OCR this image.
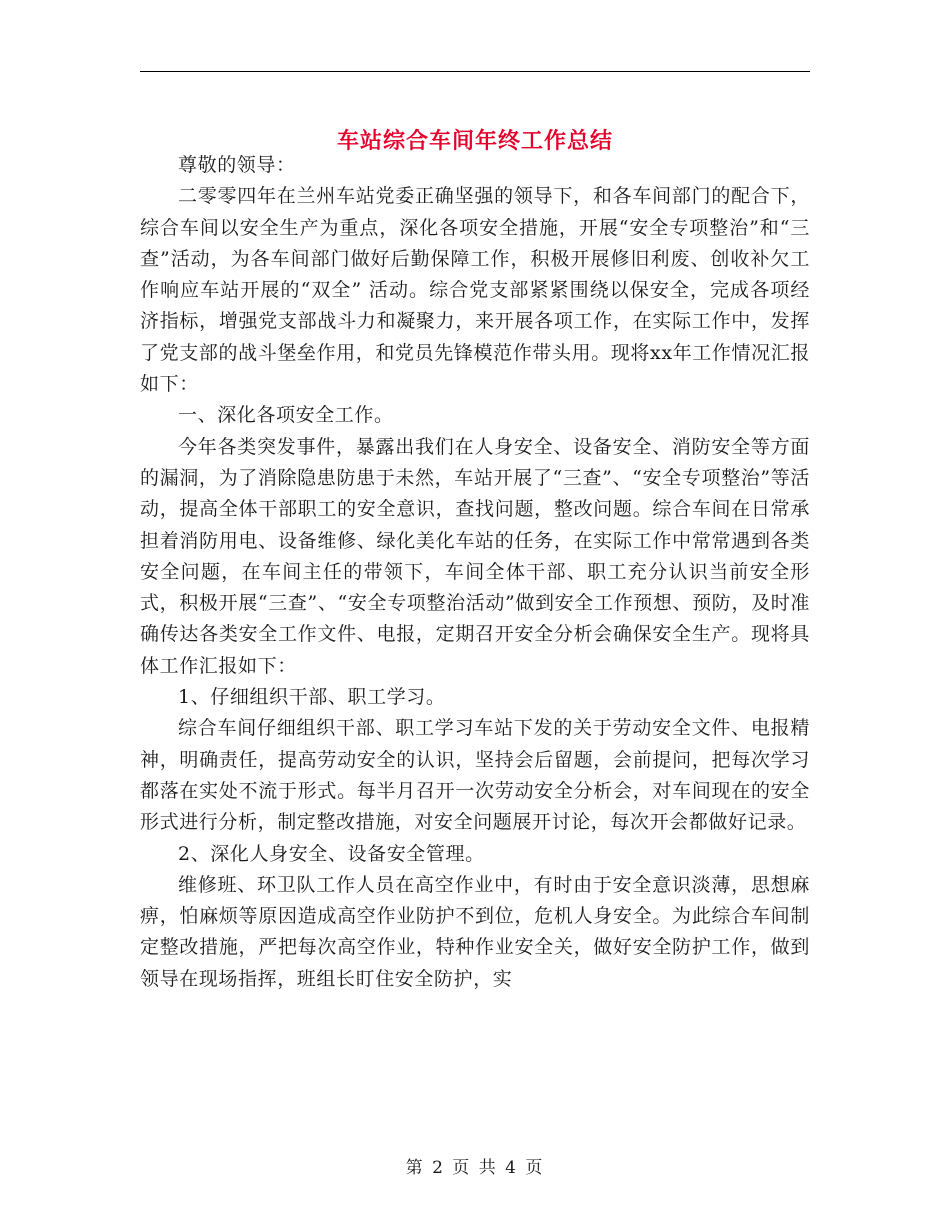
车站综合车间年终工作总结

尊敬的领导：

二零零四年在兰州车站党委正确坚强的领导下，和各车间部门的配合下，综合车间以安全生产为重点，深化各项安全措施，开展“安全专项整治”和“三查”活动，为各车间部门做好后勤保障工作，积极开展修旧利废、创收补欠工作响应车站开展的“双全” 活动。综合党支部紧紧围绕以保安全，完成各项经济指标，增强党支部战斗力和凝聚力，来开展各项工作，在实际工作中，发挥了党支部的战斗堡垒作用，和党员先锋模范作带头用。现将xx年工作情况汇报如下：

一、深化各项安全工作。

今年各类突发事件，暴露出我们在人身安全、设备安全、消防安全等方面的漏洞，为了消除隐患防患于未然，车站开展了“三查”、“安全专项整治”等活动，提高全体干部职工的安全意识，查找问题，整改问题。综合车间在日常承担着消防用电、设备维修、绿化美化车站的任务，在实际工作中常常遇到各类安全问题，在车间主任的带领下，车间全体干部、职工充分认识当前安全形式，积极开展“三查”、“安全专项整治活动”做到安全工作预想、预防，及时准确传达各类安全工作文件、电报，定期召开安全分析会确保安全生产。现将具体工作汇报如下：

1、仔细组织干部、职工学习。

综合车间仔细组织干部、职工学习车站下发的关于劳动安全文件、电报精神，明确责任，提高劳动安全的认识，坚持会后留题，会前提问，把每次学习都落在实处不流于形式。每半月召开一次劳动安全分析会，对车间现在的安全形式进行分析，制定整改措施，对安全问题展开讨论，每次开会都做好记录。

2、深化人身安全、设备安全管理。

维修班、环卫队工作人员在高空作业中，有时由于安全意识淡薄，思想麻痹，怕麻烦等原因造成高空作业防护不到位，危机人身安全。为此综合车间制定整改措施，严把每次高空作业，特种作业安全关，做好安全防护工作，做到领导在现场指挥，班组长盯住安全防护，实

第 2 页 共 4 页
